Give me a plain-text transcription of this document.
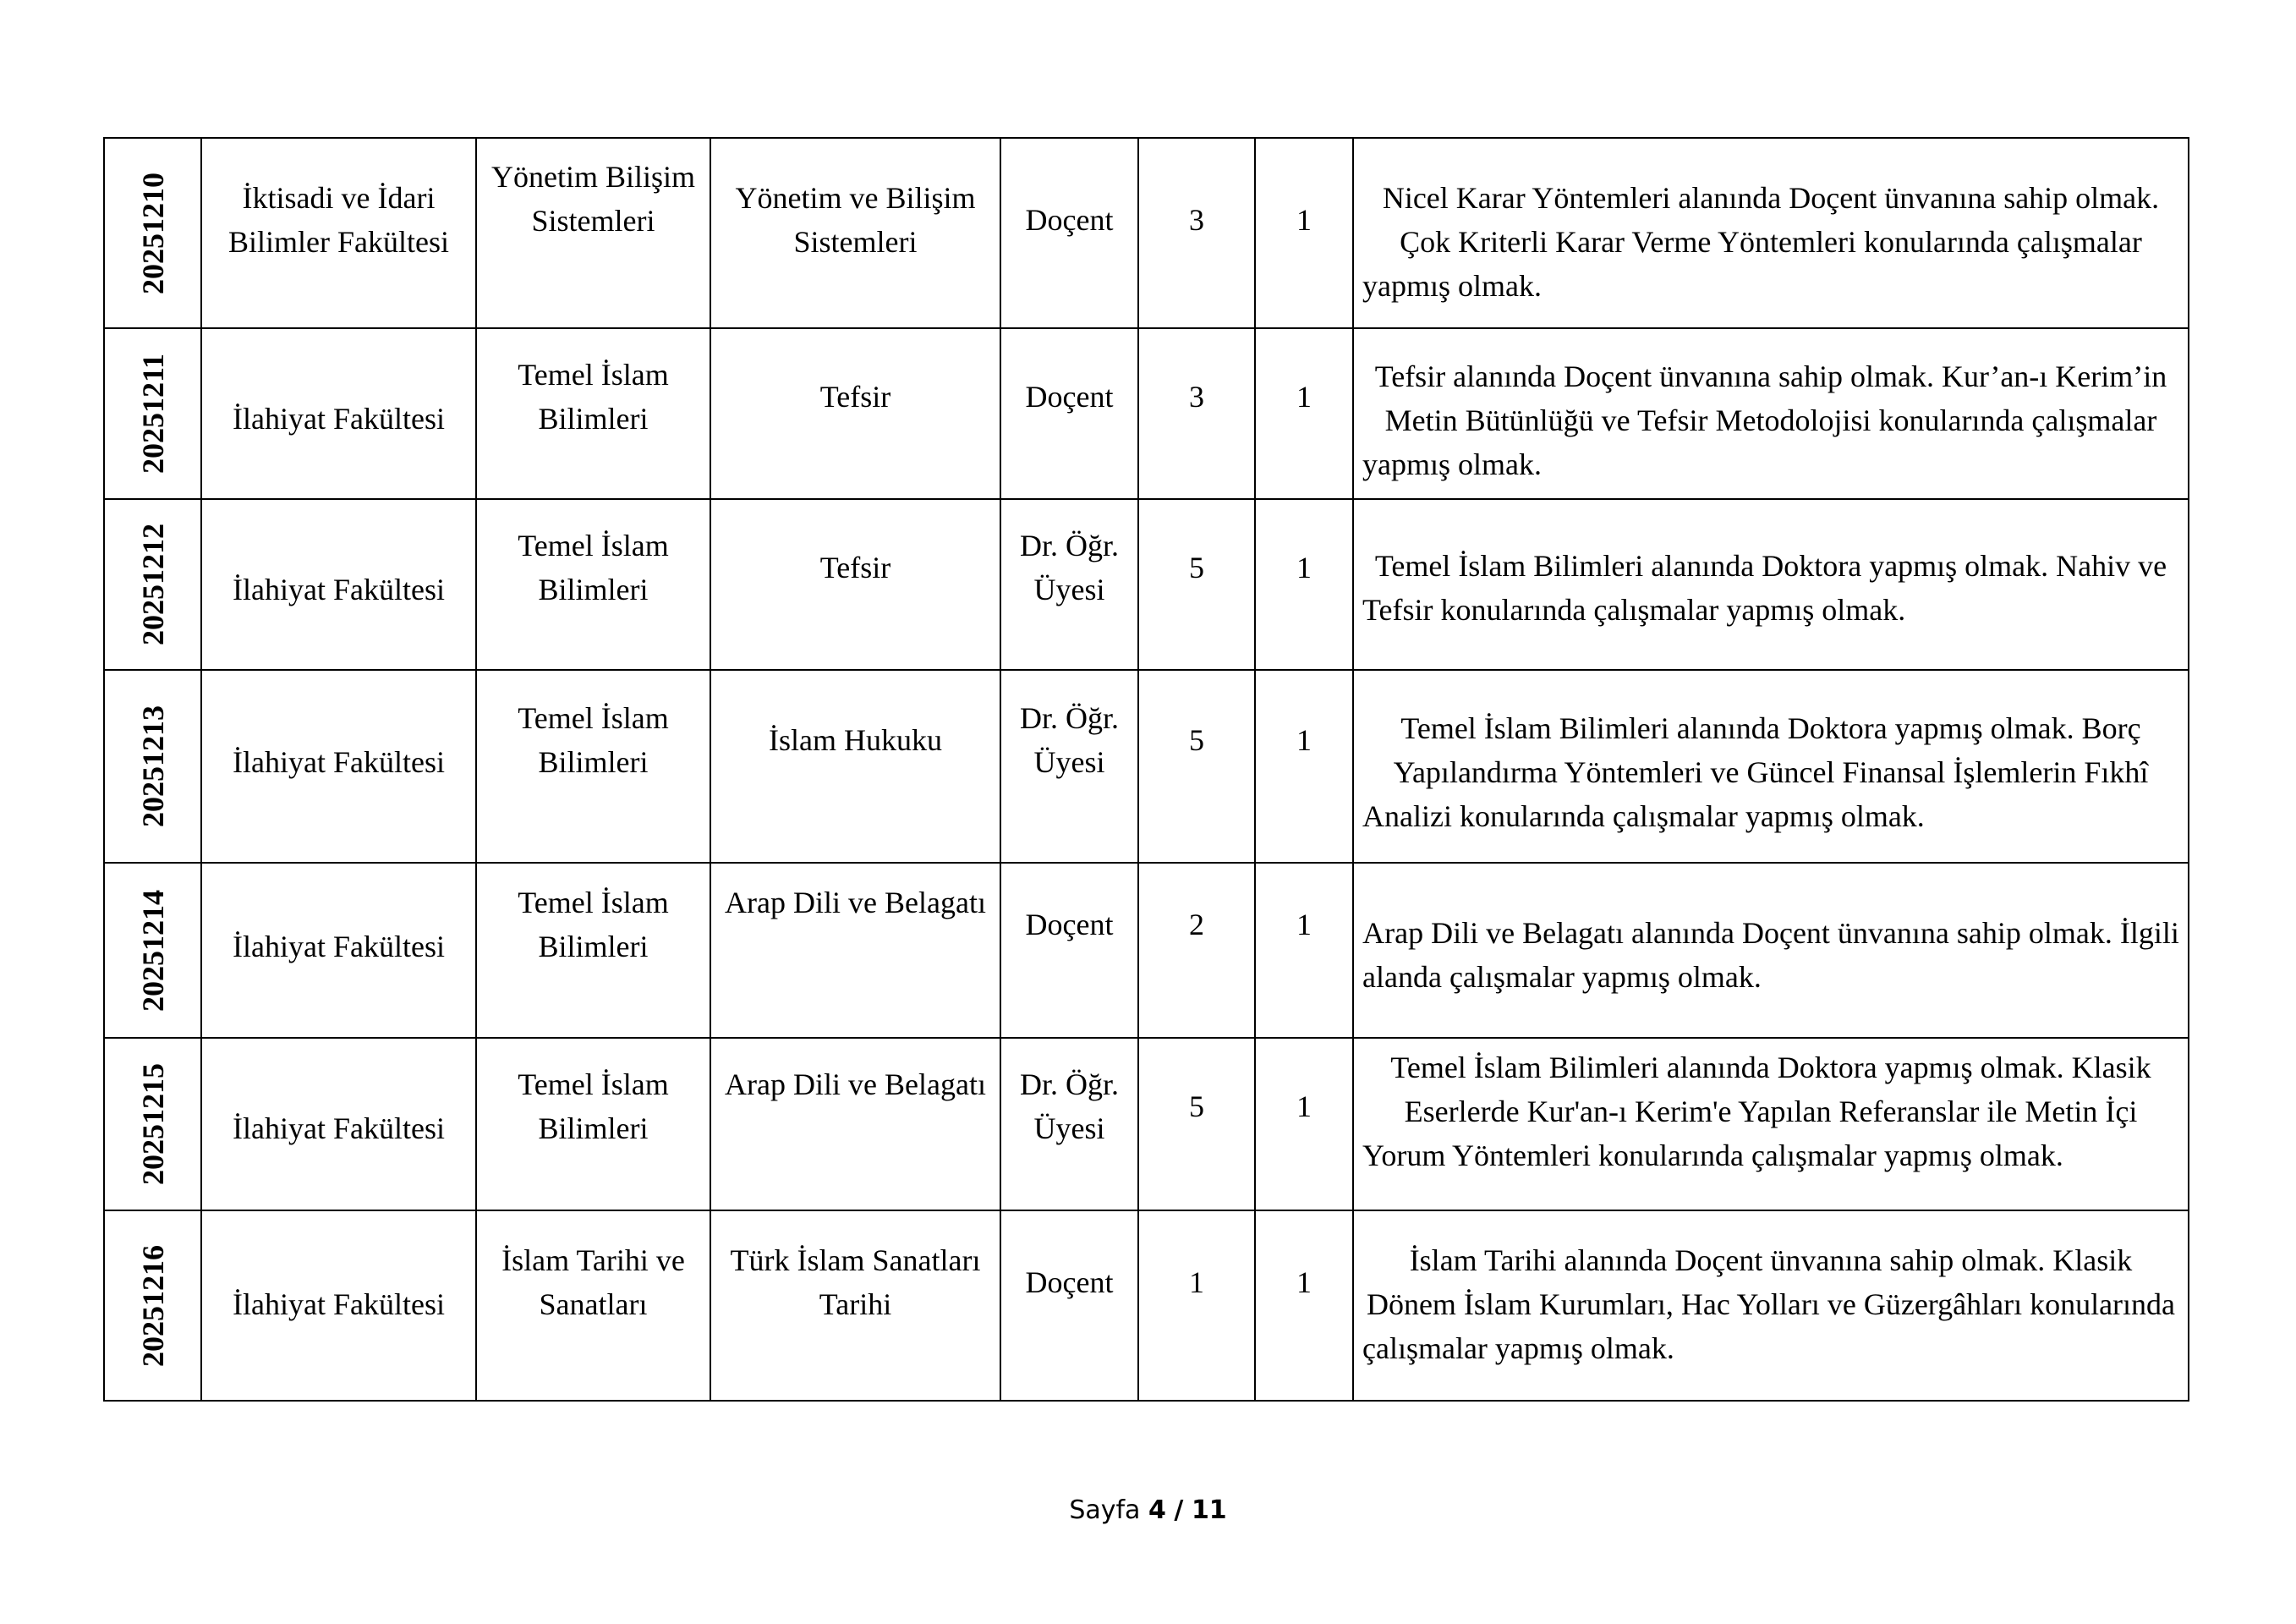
20251210	İktisadi ve İdari Bilimler Fakültesi	Yönetim Bilişim Sistemleri	Yönetim ve Bilişim Sistemleri	Doçent	3	1	Nicel Karar Yöntemleri alanında Doçent ünvanına sahip olmak. Çok Kriterli Karar Verme Yöntemleri konularında çalışmalar yapmış olmak.

20251211	İlahiyat Fakültesi	Temel İslam Bilimleri	Tefsir	Doçent	3	1	Tefsir alanında Doçent ünvanına sahip olmak. Kur’an-ı Kerim’in Metin Bütünlüğü ve Tefsir Metodolojisi konularında çalışmalar yapmış olmak.

20251212	İlahiyat Fakültesi	Temel İslam Bilimleri	Tefsir	Dr. Öğr. Üyesi	5	1	Temel İslam Bilimleri alanında Doktora yapmış olmak. Nahiv ve Tefsir konularında çalışmalar yapmış olmak.

20251213	İlahiyat Fakültesi	Temel İslam Bilimleri	İslam Hukuku	Dr. Öğr. Üyesi	5	1	Temel İslam Bilimleri alanında Doktora yapmış olmak. Borç Yapılandırma Yöntemleri ve Güncel Finansal İşlemlerin Fıkhî Analizi konularında çalışmalar yapmış olmak.

20251214	İlahiyat Fakültesi	Temel İslam Bilimleri	Arap Dili ve Belagatı	Doçent	2	1	Arap Dili ve Belagatı alanında Doçent ünvanına sahip olmak. İlgili alanda çalışmalar yapmış olmak.

20251215	İlahiyat Fakültesi	Temel İslam Bilimleri	Arap Dili ve Belagatı	Dr. Öğr. Üyesi	5	1	Temel İslam Bilimleri alanında Doktora yapmış olmak. Klasik Eserlerde Kur'an-ı Kerim'e Yapılan Referanslar ile Metin İçi Yorum Yöntemleri konularında çalışmalar yapmış olmak.

20251216	İlahiyat Fakültesi	İslam Tarihi ve Sanatları	Türk İslam Sanatları Tarihi	Doçent	1	1	İslam Tarihi alanında Doçent ünvanına sahip olmak. Klasik Dönem İslam Kurumları, Hac Yolları ve Güzergâhları konularında çalışmalar yapmış olmak.
Sayfa 4 / 11
